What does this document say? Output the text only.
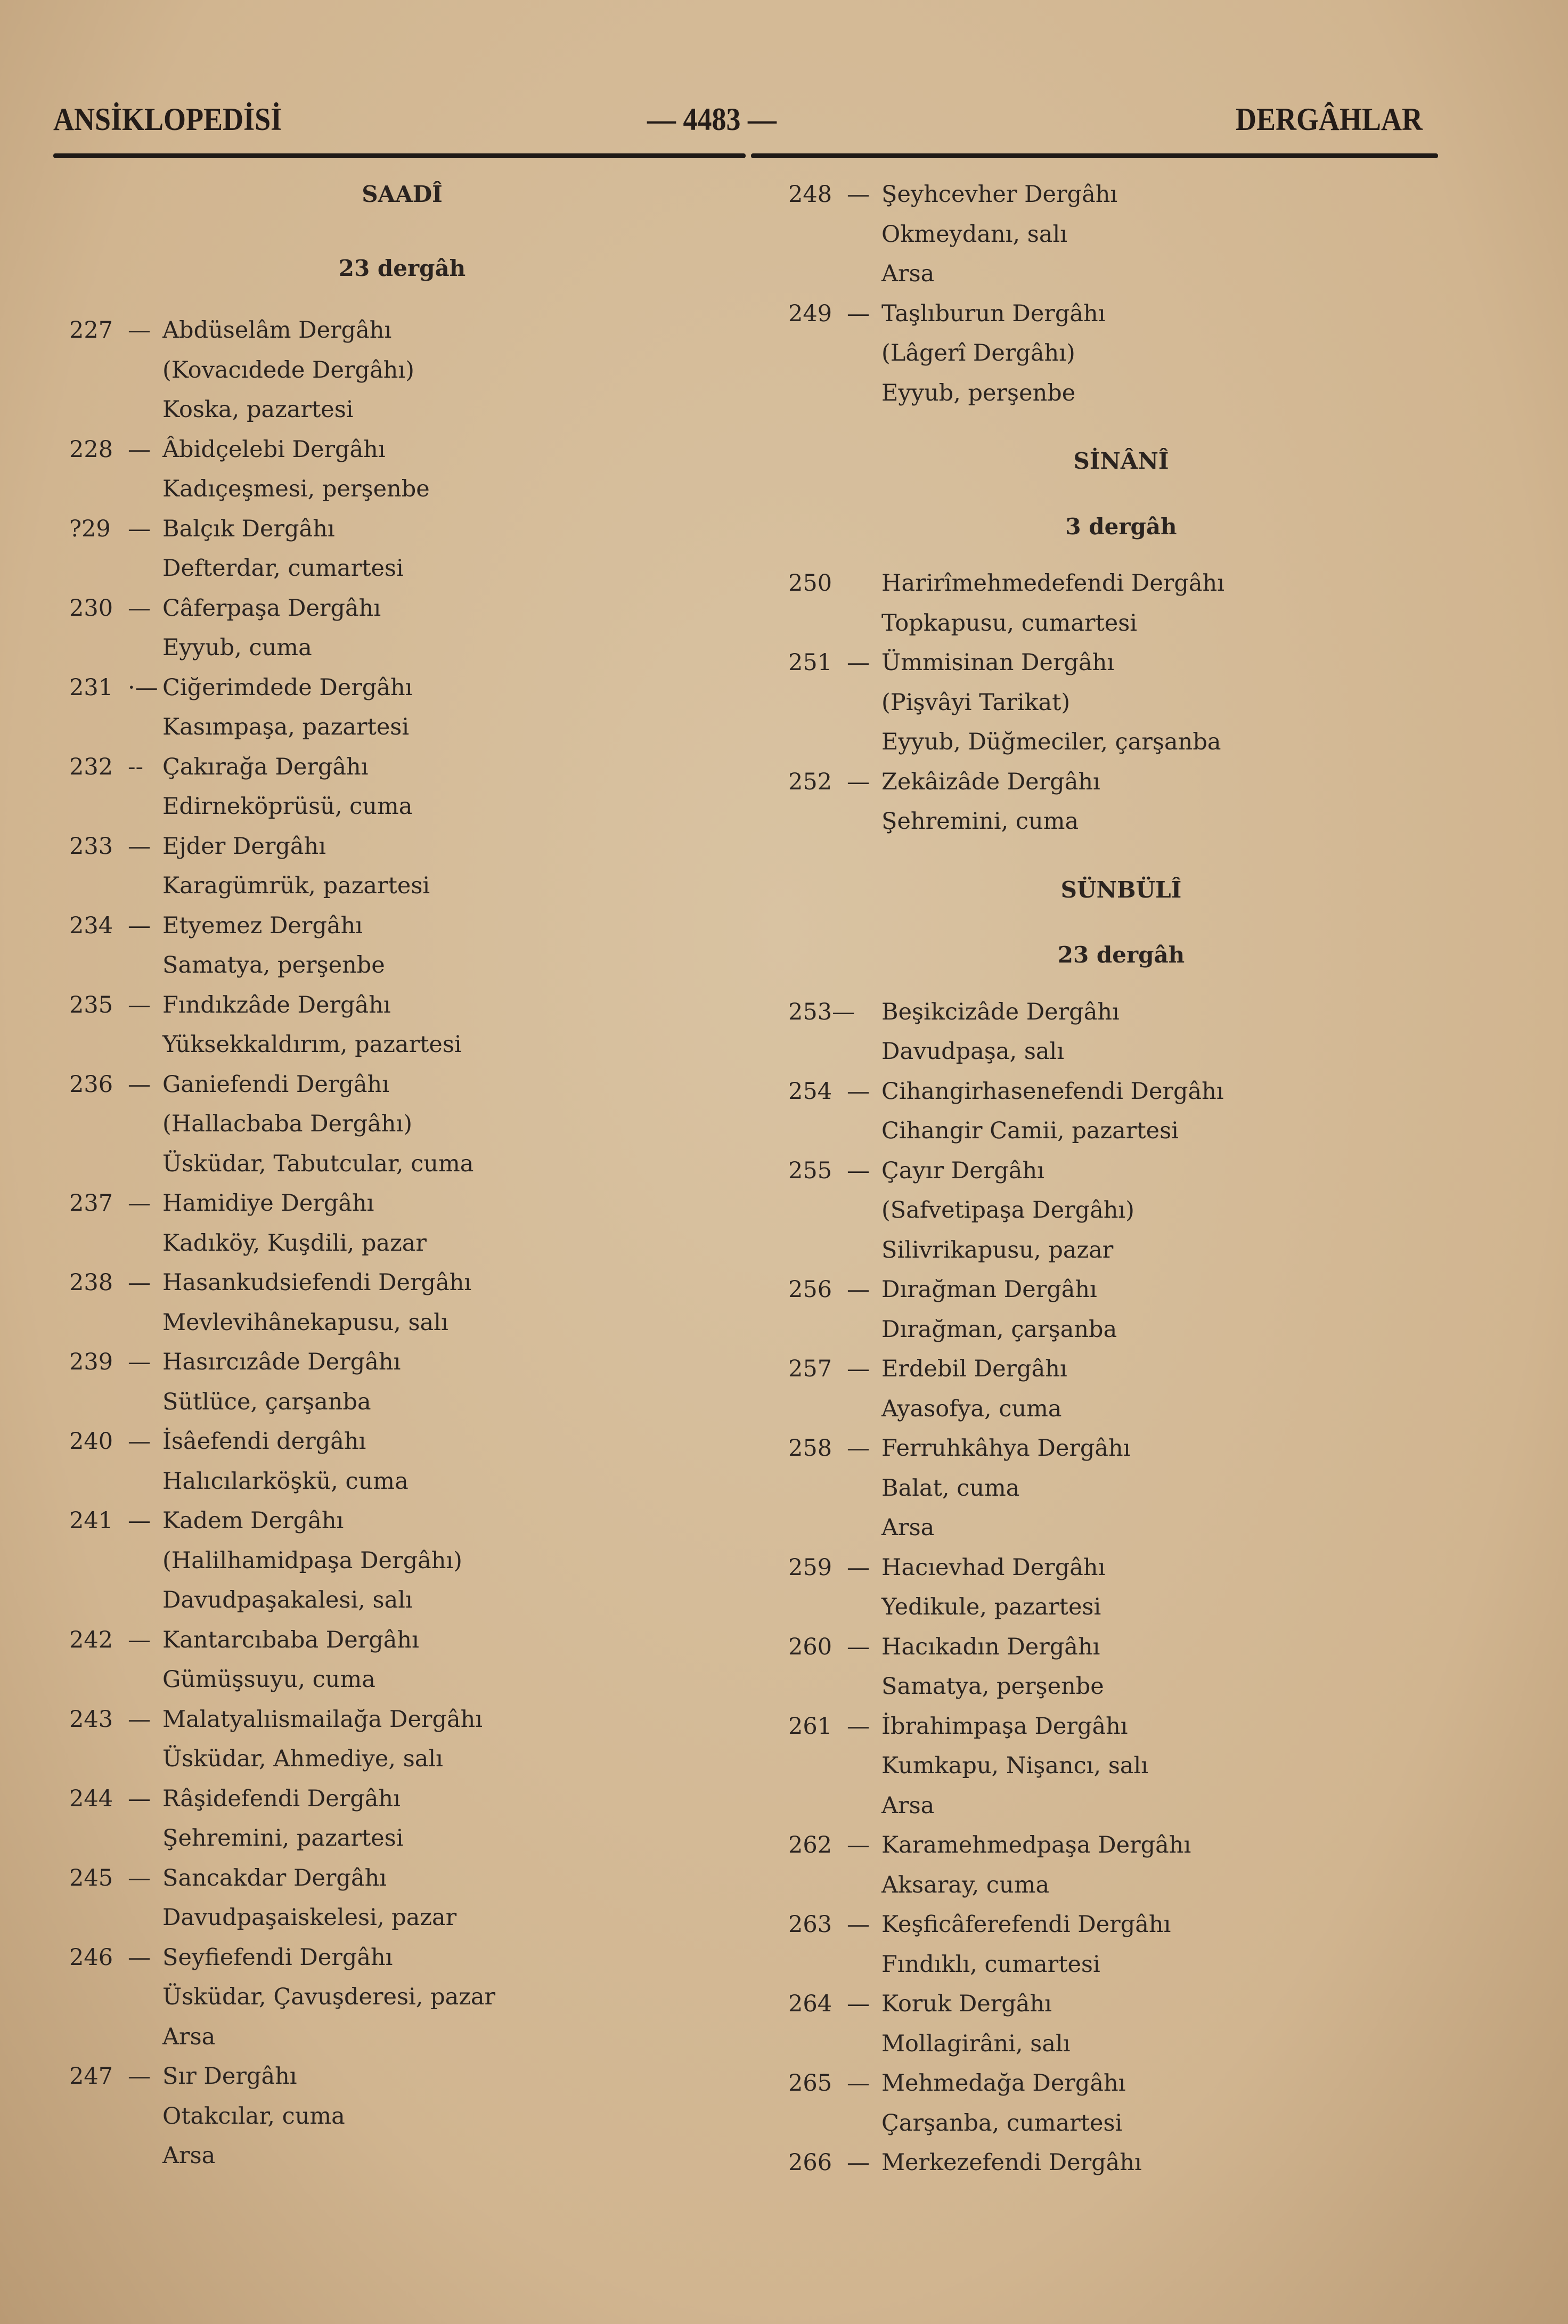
ANSİKLOPEDİSİ	— 4483 —	DERGÂHLAR
SAADÎ
23 dergâh
227 — Abdüselâm Dergâhı
(Kovacıdede Dergâhı)
Koska, pazartesi
228 — Âbidçelebi Dergâhı
Kadıçeşmesi, perşenbe
?29 — Balçık Dergâhı
Defterdar, cumartesi
230 — Câferpaşa Dergâhı
Eyyub, cuma
231 ·— Ciğerimdede Dergâhı
Kasımpaşa, pazartesi
232 -- Çakırağa Dergâhı
Edirneköprüsü, cuma
233 — Ejder Dergâhı
Karagümrük, pazartesi
234 — Etyemez Dergâhı
Samatya, perşenbe
235 — Fındıkzâde Dergâhı
Yüksekkaldırım, pazartesi
236 — Ganiefendi Dergâhı
(Hallacbaba Dergâhı)
Üsküdar, Tabutcular, cuma
237 — Hamidiye Dergâhı
Kadıköy, Kuşdili, pazar
238 — Hasankudsiefendi Dergâhı
Mevlevihânekapusu, salı
239 — Hasırcızâde Dergâhı
Sütlüce, çarşanba
240 — İsâefendi dergâhı
Halıcılarköşkü, cuma
241 — Kadem Dergâhı
(Halilhamidpaşa Dergâhı)
Davudpaşakalesi, salı
242 — Kantarcıbaba Dergâhı
Gümüşsuyu, cuma
243 — Malatyalıismailağa Dergâhı
Üsküdar, Ahmediye, salı
244 — Râşidefendi Dergâhı
Şehremini, pazartesi
245 — Sancakdar Dergâhı
Davudpaşaiskelesi, pazar
246 — Seyfiefendi Dergâhı
Üsküdar, Çavuşderesi, pazar
Arsa
247 — Sır Dergâhı
Otakcılar, cuma
Arsa
248 — Şeyhcevher Dergâhı
Okmeydanı, salı
Arsa
249 — Taşlıburun Dergâhı
(Lâgerî Dergâhı)
Eyyub, perşenbe
SİNÂNÎ
3 dergâh
250 Harirîmehmedefendi Dergâhı
Topkapusu, cumartesi
251 — Ümmisinan Dergâhı
(Pişvâyi Tarikat)
Eyyub, Düğmeciler, çarşanba
252 — Zekâizâde Dergâhı
Şehremini, cuma
SÜNBÜLÎ
23 dergâh
253— Beşikcizâde Dergâhı
Davudpaşa, salı
254 — Cihangirhasenefendi Dergâhı
Cihangir Camii, pazartesi
255 — Çayır Dergâhı
(Safvetipaşa Dergâhı)
Silivrikapusu, pazar
256 — Dırağman Dergâhı
Dırağman, çarşanba
257 — Erdebil Dergâhı
Ayasofya, cuma
258 — Ferruhkâhya Dergâhı
Balat, cuma
Arsa
259 — Hacıevhad Dergâhı
Yedikule, pazartesi
260 — Hacıkadın Dergâhı
Samatya, perşenbe
261 — İbrahimpaşa Dergâhı
Kumkapu, Nişancı, salı
Arsa
262 — Karamehmedpaşa Dergâhı
Aksaray, cuma
263 — Keşficâferefendi Dergâhı
Fındıklı, cumartesi
264 — Koruk Dergâhı
Mollagirâni, salı
265 — Mehmedağa Dergâhı
Çarşanba, cumartesi
266 — Merkezefendi Dergâhı
